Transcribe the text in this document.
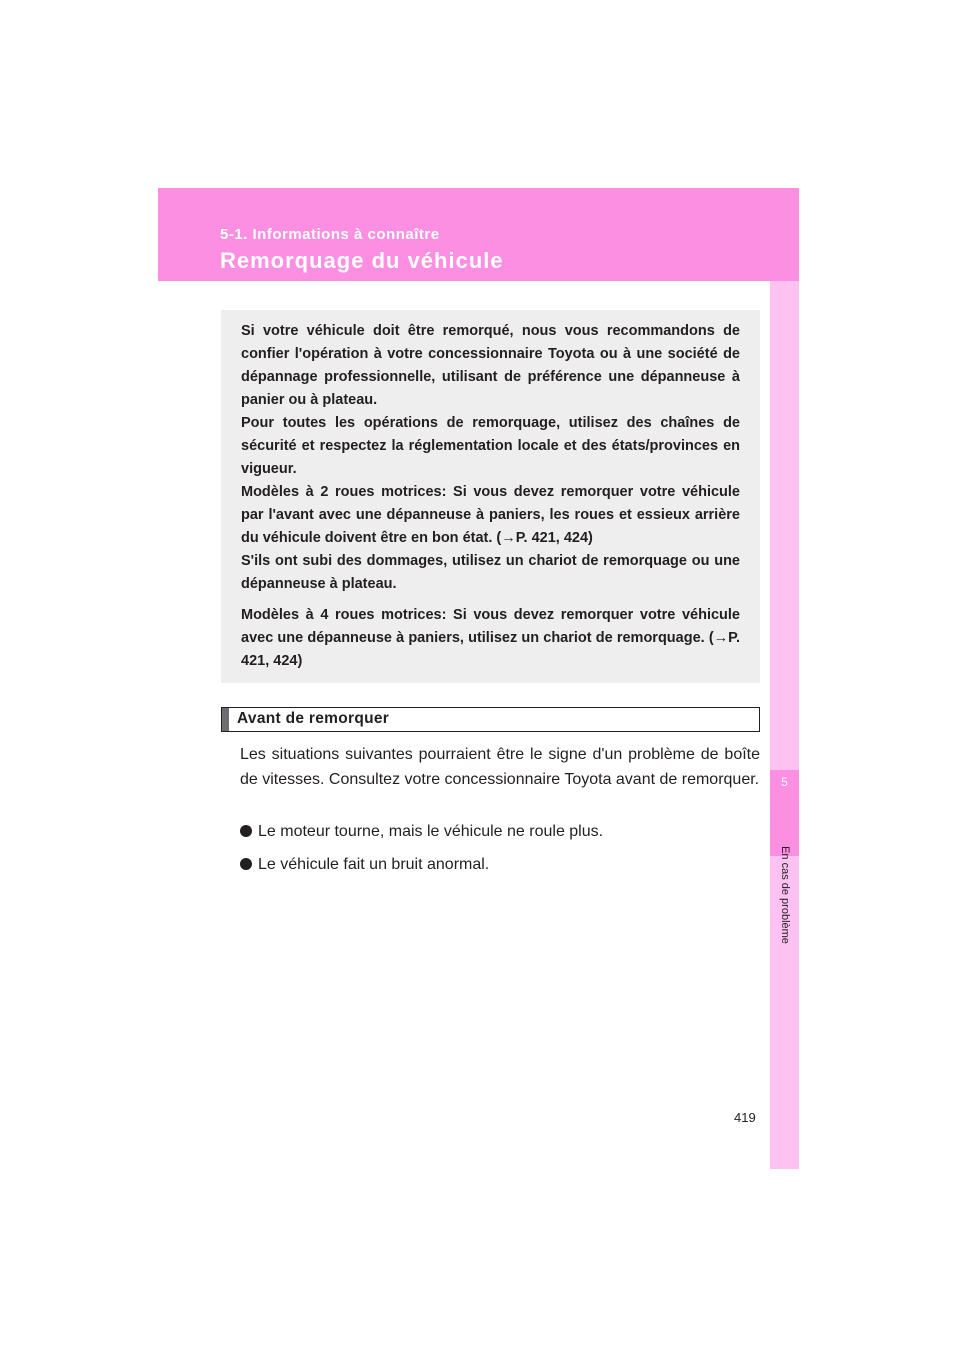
5-1. Informations à connaître
Remorquage du véhicule
5
En cas de problème

Si votre véhicule doit être remorqué, nous vous recommandons de confier l'opération à votre concessionnaire Toyota ou à une société de dépannage professionnelle, utilisant de préférence une dépanneuse à panier ou à plateau.

Pour toutes les opérations de remorquage, utilisez des chaînes de sécurité et respectez la réglementation locale et des états/provinces en vigueur.

Modèles à 2 roues motrices: Si vous devez remorquer votre véhicule par l'avant avec une dépanneuse à paniers, les roues et essieux arrière du véhicule doivent être en bon état. (→P. 421, 424)

S'ils ont subi des dommages, utilisez un chariot de remorquage ou une dépanneuse à plateau.

Modèles à 4 roues motrices: Si vous devez remorquer votre véhicule avec une dépanneuse à paniers, utilisez un chariot de remorquage. (→P. 421, 424)

Avant de remorquer

Les situations suivantes pourraient être le signe d'un problème de boîte de vitesses. Consultez votre concessionnaire Toyota avant de remorquer.

Le moteur tourne, mais le véhicule ne roule plus.
Le véhicule fait un bruit anormal.
419
